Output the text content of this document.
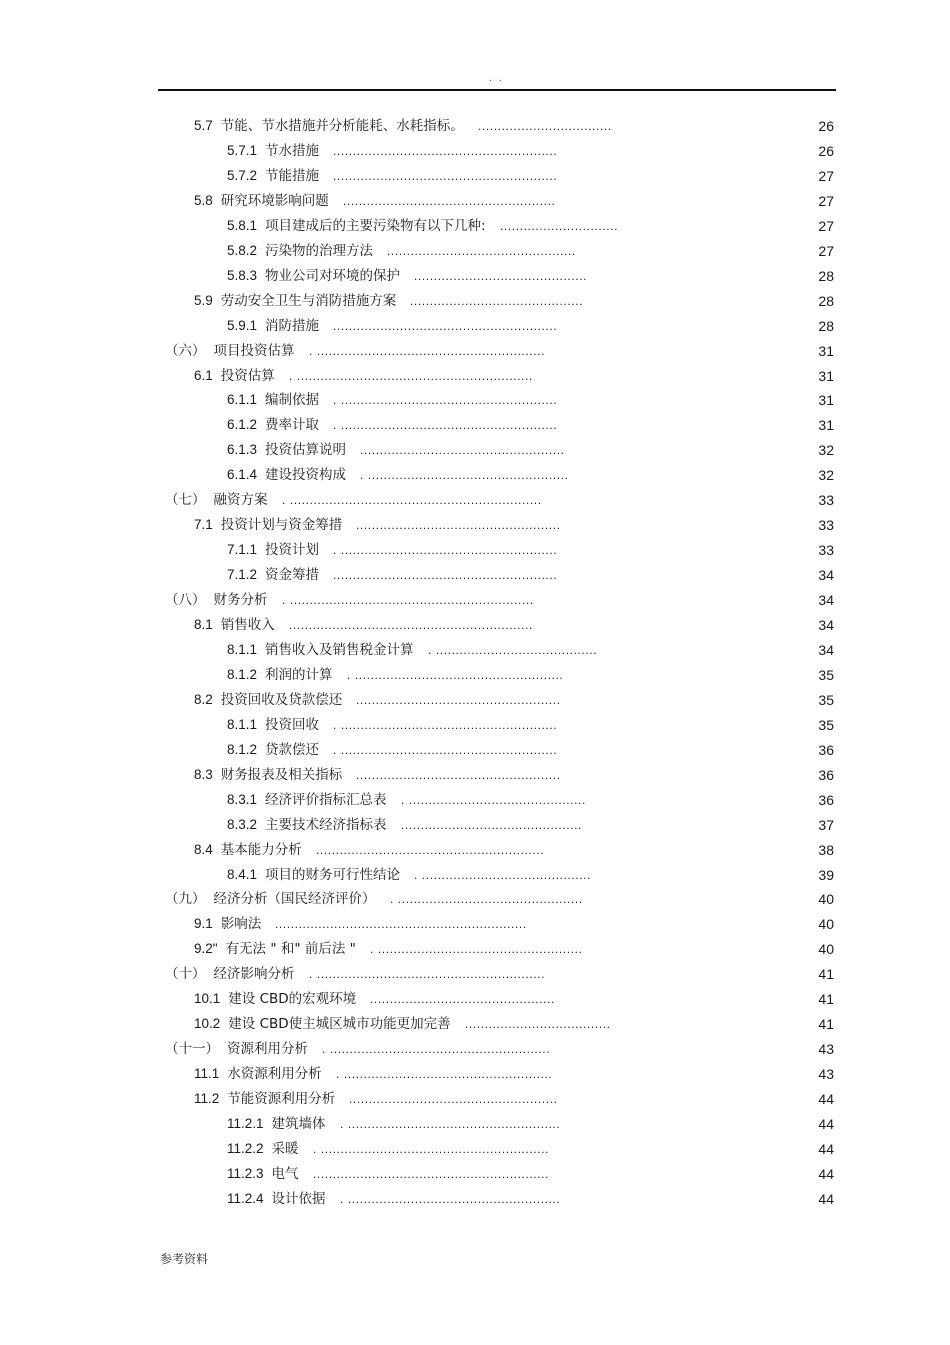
. .
5.7 节能、节水措施并分析能耗、水耗指标。 ..................................	26
5.7.1 节水措施 .........................................................	26
5.7.2 节能措施 .........................................................	27
5.8 研究环境影响问题 ......................................................	27
5.8.1 项目建成后的主要污染物有以下几种: ..............................	27
5.8.2 污染物的治理方法 ................................................	27
5.8.3 物业公司对环境的保护 ............................................	28
5.9 劳动安全卫生与消防措施方案 ............................................	28
5.9.1 消防措施 .........................................................	28
（六） 项目投资估算 . ..........................................................	31
6.1 投资估算 . ............................................................	31
6.1.1 编制依据 . .......................................................	31
6.1.2 费率计取 . .......................................................	31
6.1.3 投资估算说明 ....................................................	32
6.1.4 建设投资构成 . ...................................................	32
（七） 融资方案 . ................................................................	33
7.1 投资计划与资金筹措 ....................................................	33
7.1.1 投资计划 . .......................................................	33
7.1.2 资金筹措 .........................................................	34
（八） 财务分析 . ..............................................................	34
8.1 销售收入 ..............................................................	34
8.1.1 销售收入及销售税金计算 . .........................................	34
8.1.2 利润的计算 . .....................................................	35
8.2 投资回收及贷款偿还 ....................................................	35
8.1.1 投资回收 . .......................................................	35
8.1.2 贷款偿还 . .......................................................	36
8.3 财务报表及相关指标 ....................................................	36
8.3.1 经济评价指标汇总表 . .............................................	36
8.3.2 主要技术经济指标表 ..............................................	37
8.4 基本能力分析 ..........................................................	38
8.4.1 项目的财务可行性结论 . ...........................................	39
（九） 经济分析（国民经济评价） . ...............................................	40
9.1 影响法 ................................................................	40
9.2" 有无法 " 和" 前后法 " . ....................................................	40
（十） 经济影响分析 . ..........................................................	41
10.1 建设 CBD的宏观环境 ...............................................	41
10.2 建设 CBD使主城区城市功能更加完善 .....................................	41
（十一） 资源利用分析 . ........................................................	43
11.1 水资源利用分析 . .....................................................	43
11.2 节能资源利用分析 .....................................................	44
11.2.1 建筑墙体 . ......................................................	44
11.2.2 采暖 . ..........................................................	44
11.2.3 电气 ............................................................	44
11.2.4 设计依据 . ......................................................	44
参考资料
